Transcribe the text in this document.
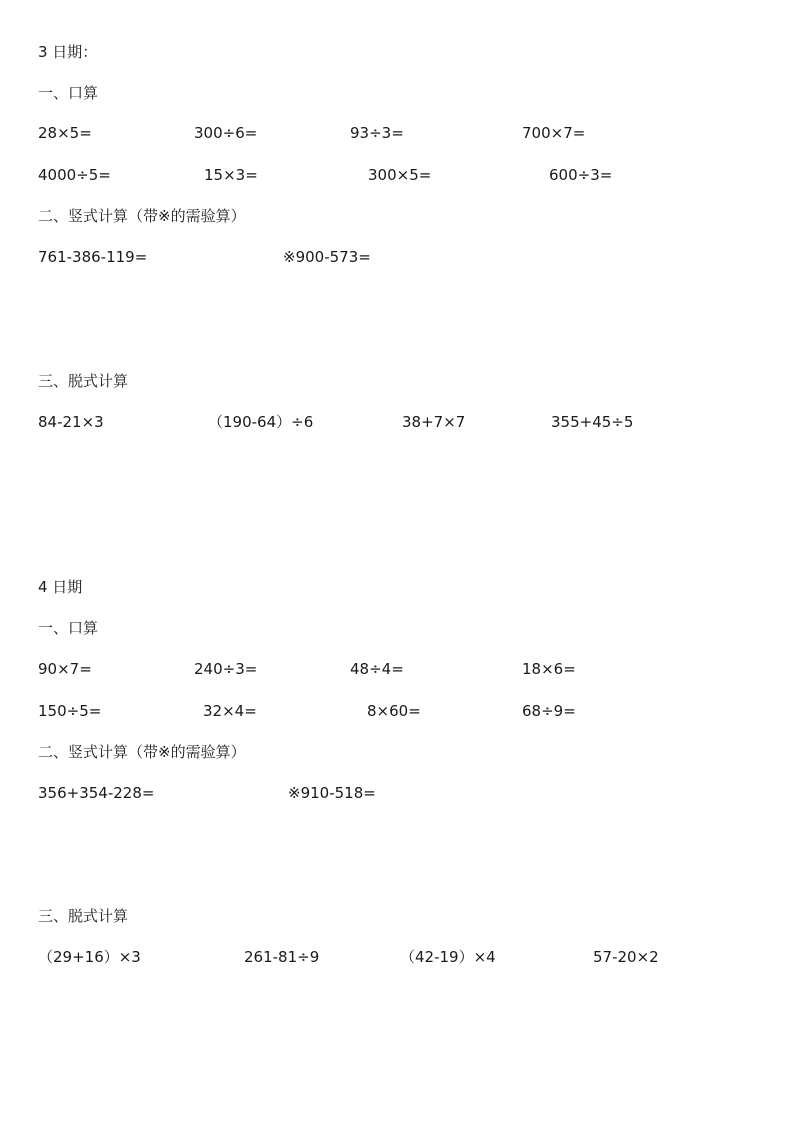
3 日期：
一、口算
28×5=	300÷6=	93÷3=	700×7=
4000÷5=	15×3=	300×5=	600÷3=
二、竖式计算（带※的需验算）
761-386-119=	※900-573=
三、脱式计算
84-21×3	（190-64）÷6	38+7×7	355+45÷5
4 日期
一、口算
90×7=	240÷3=	48÷4=	18×6=
150÷5=	32×4=	8×60=	68÷9=
二、竖式计算（带※的需验算）
356+354-228=	※910-518=
三、脱式计算
（29+16）×3	261-81÷9	（42-19）×4	57-20×2
